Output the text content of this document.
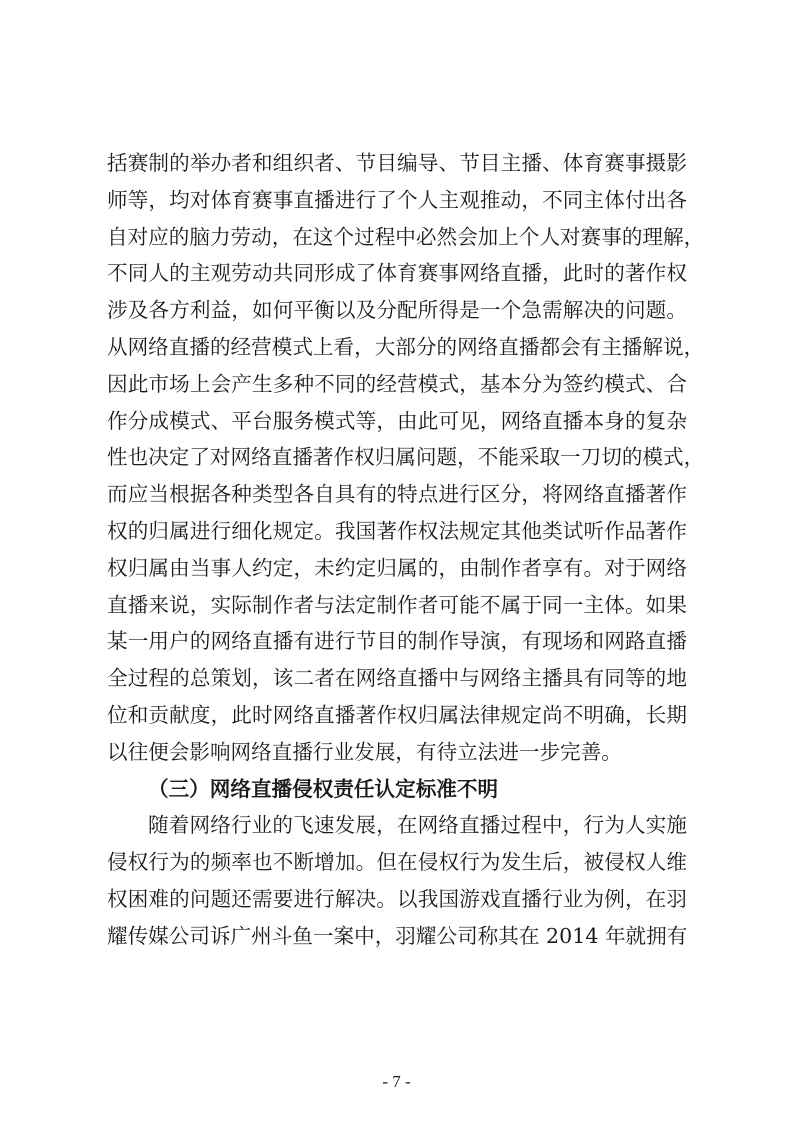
括赛制的举办者和组织者、节目编导、节目主播、体育赛事摄影
师等，均对体育赛事直播进行了个人主观推动，不同主体付出各
自对应的脑力劳动，在这个过程中必然会加上个人对赛事的理解，
不同人的主观劳动共同形成了体育赛事网络直播，此时的著作权
涉及各方利益，如何平衡以及分配所得是一个急需解决的问题。
从网络直播的经营模式上看，大部分的网络直播都会有主播解说，
因此市场上会产生多种不同的经营模式，基本分为签约模式、合
作分成模式、平台服务模式等，由此可见，网络直播本身的复杂
性也决定了对网络直播著作权归属问题，不能采取一刀切的模式，
而应当根据各种类型各自具有的特点进行区分，将网络直播著作
权的归属进行细化规定。我国著作权法规定其他类试听作品著作
权归属由当事人约定，未约定归属的，由制作者享有。对于网络
直播来说，实际制作者与法定制作者可能不属于同一主体。如果
某一用户的网络直播有进行节目的制作导演，有现场和网路直播
全过程的总策划，该二者在网络直播中与网络主播具有同等的地
位和贡献度，此时网络直播著作权归属法律规定尚不明确，长期
以往便会影响网络直播行业发展，有待立法进一步完善。
（三）网络直播侵权责任认定标准不明
随着网络行业的飞速发展，在网络直播过程中，行为人实施
侵权行为的频率也不断增加。但在侵权行为发生后，被侵权人维
权困难的问题还需要进行解决。以我国游戏直播行业为例，在羽
耀传媒公司诉广州斗鱼一案中，羽耀公司称其在 2014 年就拥有
- 7 -
